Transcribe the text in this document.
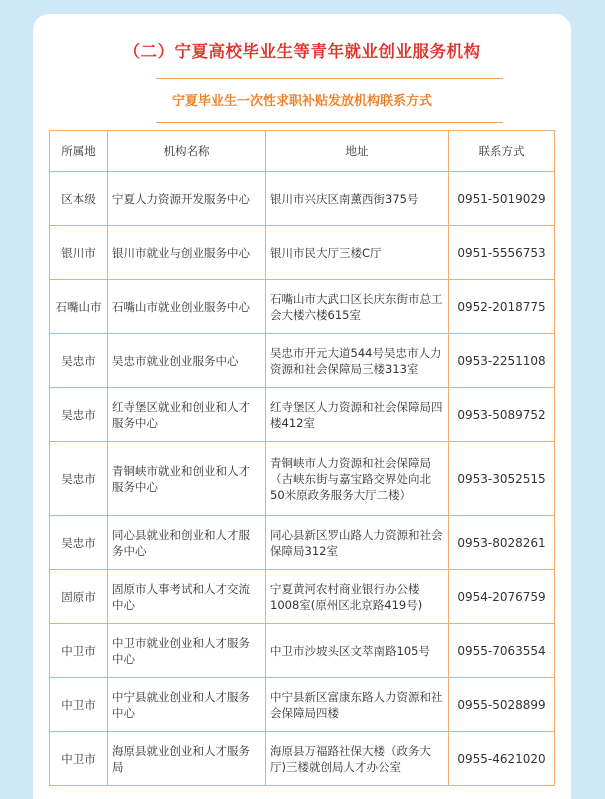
（二）宁夏高校毕业生等青年就业创业服务机构
宁夏毕业生一次性求职补贴发放机构联系方式
所属地	机构名称	地址	联系方式
区本级	宁夏人力资源开发服务中心	银川市兴庆区南薰西街375号	0951-5019029
银川市	银川市就业与创业服务中心	银川市民大厅三楼C厅	0951-5556753
石嘴山市	石嘴山市就业创业服务中心	石嘴山市大武口区长庆东街市总工会大楼六楼615室	0952-2018775
吴忠市	吴忠市就业创业服务中心	吴忠市开元大道544号吴忠市人力资源和社会保障局三楼313室	0953-2251108
吴忠市	红寺堡区就业和创业和人才服务中心	红寺堡区人力资源和社会保障局四楼412室	0953-5089752
吴忠市	青铜峡市就业和创业和人才服务中心	青铜峡市人力资源和社会保障局（古峡东街与嘉宝路交界处向北50米原政务服务大厅二楼）	0953-3052515
吴忠市	同心县就业和创业和人才服务中心	同心县新区罗山路人力资源和社会保障局312室	0953-8028261
固原市	固原市人事考试和人才交流中心	宁夏黄河农村商业银行办公楼1008室(原州区北京路419号)	0954-2076759
中卫市	中卫市就业创业和人才服务中心	中卫市沙坡头区文萃南路105号	0955-7063554
中卫市	中宁县就业创业和人才服务中心	中宁县新区富康东路人力资源和社会保障局四楼	0955-5028899
中卫市	海原县就业创业和人才服务局	海原县万福路社保大楼（政务大厅)三楼就创局人才办公室	0955-4621020
